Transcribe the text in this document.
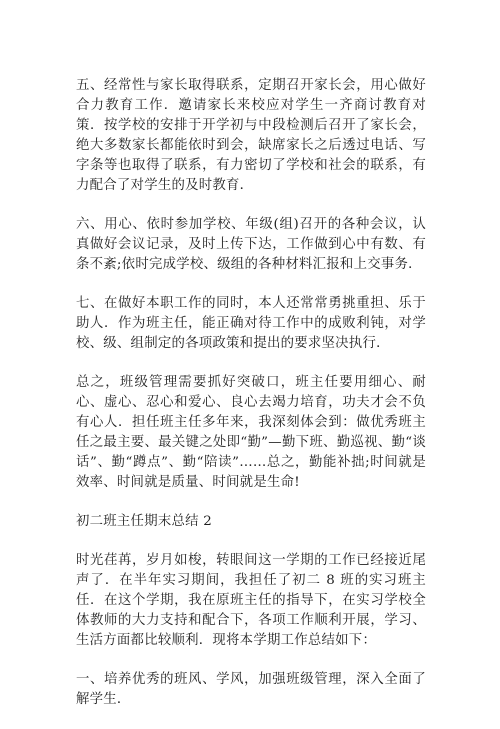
五、经常性与家长取得联系，定期召开家长会，用心做好合力教育工作．邀请家长来校应对学生一齐商讨教育对策．按学校的安排于开学初与中段检测后召开了家长会，绝大多数家长都能依时到会，缺席家长之后透过电话、写字条等也取得了联系，有力密切了学校和社会的联系，有力配合了对学生的及时教育．

六、用心、依时参加学校、年级(组)召开的各种会议，认真做好会议记录，及时上传下达，工作做到心中有数、有条不紊;依时完成学校、级组的各种材料汇报和上交事务．

七、在做好本职工作的同时，本人还常常勇挑重担、乐于助人．作为班主任，能正确对待工作中的成败利钝，对学校、级、组制定的各项政策和提出的要求坚决执行．

总之，班级管理需要抓好突破口，班主任要用细心、耐心、虚心、忍心和爱心、良心去竭力培育，功夫才会不负有心人．担任班主任多年来，我深刻体会到：做优秀班主任之最主要、最关键之处即“勤”—勤下班、勤巡视、勤“谈话”、勤“蹲点”、勤“陪读”……总之，勤能补拙;时间就是效率、时间就是质量、时间就是生命!

初二班主任期末总结 2

时光荏苒，岁月如梭，转眼间这一学期的工作已经接近尾声了．在半年实习期间，我担任了初二 8 班的实习班主任．在这个学期，我在原班主任的指导下，在实习学校全体教师的大力支持和配合下，各项工作顺利开展，学习、生活方面都比较顺利．现将本学期工作总结如下：

一、培养优秀的班风、学风，加强班级管理，深入全面了解学生．
